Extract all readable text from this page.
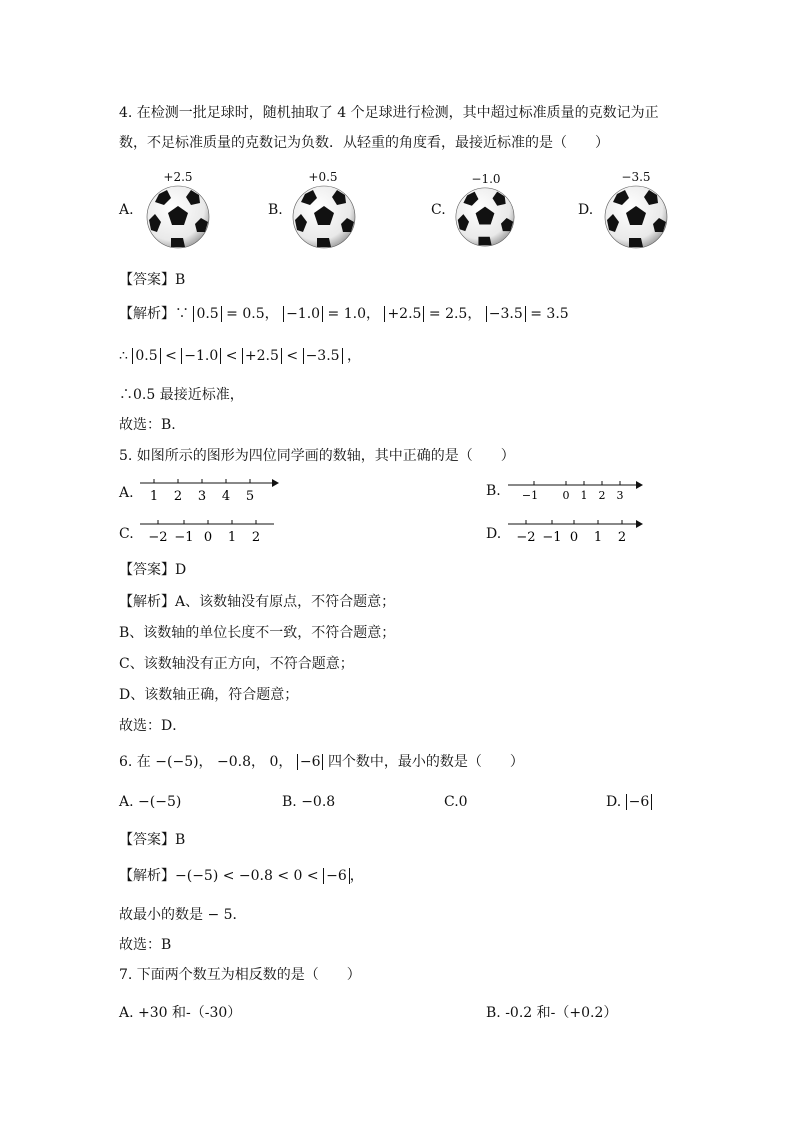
4. 在检测一批足球时，随机抽取了 4 个足球进行检测，其中超过标准质量的克数记为正
数，不足标准质量的克数记为负数．从轻重的角度看，最接近标准的是（　　）
A.
+2.5
B.
+0.5
C.
−1.0
D.
−3.5
【答案】B
【解析】∵ 0.5 = 0.5， −1.0 = 1.0， +2.5 = 2.5， −3.5 = 3.5
∴ 0.5 < −1.0 < +2.5 < −3.5 ，
∴0.5 最接近标准，
故选：B.
5. 如图所示的图形为四位同学画的数轴，其中正确的是（　　）
A. 1 2 3 4 5	B. −1 0 1 2 3
C. −2 −1 0 1 2	D. −2 −1 0 1 2
【答案】D
【解析】A、该数轴没有原点，不符合题意；
B、该数轴的单位长度不一致，不符合题意；
C、该数轴没有正方向，不符合题意；
D、该数轴正确，符合题意；
故选：D．
6. 在 −(−5)， −0.8， 0， −6 四个数中，最小的数是（　　）
A. −(−5)	B. −0.8	C.0	D. −6
【答案】B
【解析】−(−5) < −0.8 < 0 < −6 ，
故最小的数是 − 5．
故选：B
7. 下面两个数互为相反数的是（　　）
A. +30 和-（-30）	B. -0.2 和-（+0.2）
